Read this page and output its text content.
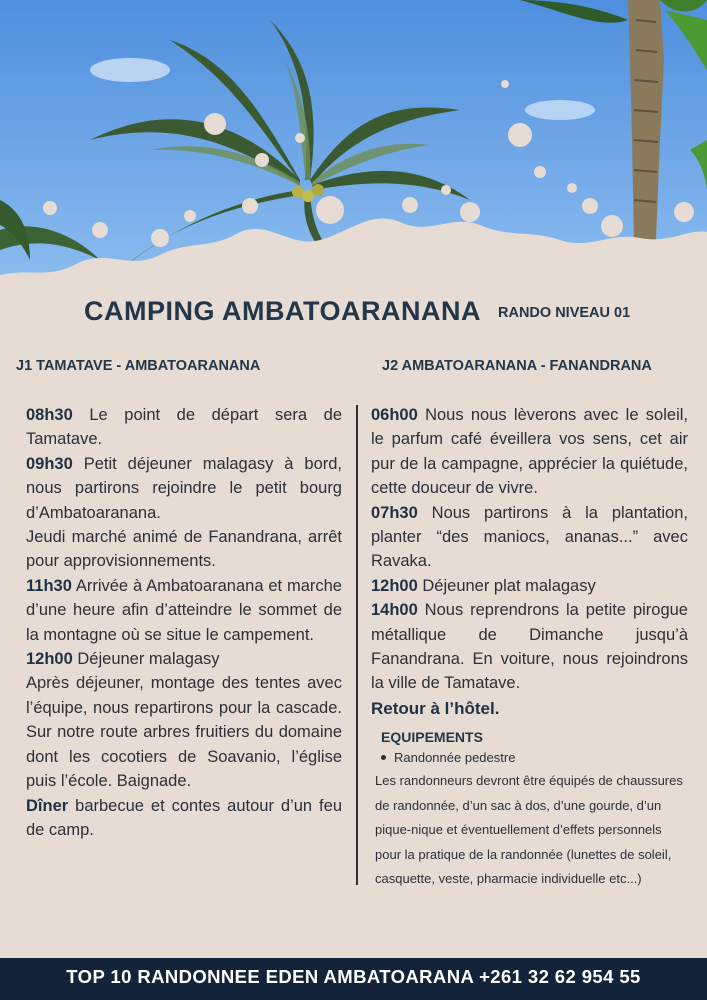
CAMPING AMBATOARANANA RANDO NIVEAU 01
J1 TAMATAVE - AMBATOARANANA	J2 AMBATOARANANA - FANANDRANA

08h30 Le point de départ sera de Tamatave.

09h30 Petit déjeuner malagasy à bord, nous partirons rejoindre le petit bourg d’Ambatoaranana.

Jeudi marché animé de Fanandrana, arrêt pour approvisionnements.

11h30 Arrivée à Ambatoaranana et marche d’une heure afin d’atteindre le sommet de la montagne où se situe le campement.

12h00 Déjeuner malagasy

Après déjeuner, montage des tentes avec l’équipe, nous repartirons pour la cascade. Sur notre route arbres fruitiers du domaine dont les cocotiers de Soavanio, l’église puis l’école. Baignade.

Dîner barbecue et contes autour d’un feu de camp.

06h00 Nous nous lèverons avec le soleil, le parfum café éveillera vos sens, cet air pur de la campagne, apprécier la quiétude, cette douceur de vivre.

07h30 Nous partirons à la plantation, planter “des maniocs, ananas...” avec Ravaka.

12h00 Déjeuner plat malagasy

14h00 Nous reprendrons la petite pirogue métallique de Dimanche jusqu’à Fanandrana. En voiture, nous rejoindrons la ville de Tamatave.

Retour à l’hôtel.
EQUIPEMENTS
Randonnée pedestre
Les randonneurs devront être équipés de chaussures de randonnée, d’un sac à dos, d’une gourde, d’un pique-nique et éventuellement d’effets personnels pour la pratique de la randonnée (lunettes de soleil, casquette, veste, pharmacie individuelle etc...)
TOP 10 RANDONNEE EDEN AMBATOARANA +261 32 62 954 55
